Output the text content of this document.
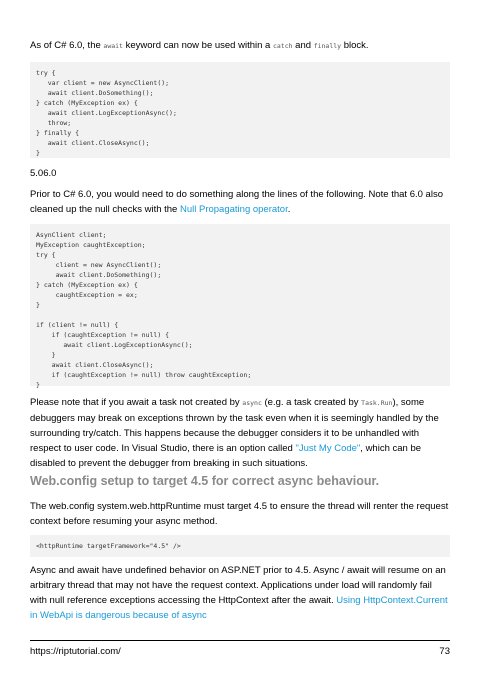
As of C# 6.0, the await keyword can now be used within a catch and finally block.

try {
var client = new AsyncClient();
await client.DoSomething();
} catch (MyException ex) {
await client.LogExceptionAsync();
throw;
} finally {
await client.CloseAsync();
}

5.06.0

Prior to C# 6.0, you would need to do something along the lines of the following. Note that 6.0 also cleaned up the null checks with the Null Propagating operator.

AsynClient client;
MyException caughtException;
try {
client = new AsyncClient();
await client.DoSomething();
} catch (MyException ex) {
caughtException = ex;
}

if (client != null) {
if (caughtException != null) {
await client.LogExceptionAsync();
}
await client.CloseAsync();
if (caughtException != null) throw caughtException;
}

Please note that if you await a task not created by async (e.g. a task created by Task.Run), some debuggers may break on exceptions thrown by the task even when it is seemingly handled by the surrounding try/catch. This happens because the debugger considers it to be unhandled with respect to user code. In Visual Studio, there is an option called "Just My Code", which can be disabled to prevent the debugger from breaking in such situations.

Web.config setup to target 4.5 for correct async behaviour.

The web.config system.web.httpRuntime must target 4.5 to ensure the thread will renter the request context before resuming your async method.

<httpRuntime targetFramework="4.5" />

Async and await have undefined behavior on ASP.NET prior to 4.5. Async / await will resume on an arbitrary thread that may not have the request context. Applications under load will randomly fail with null reference exceptions accessing the HttpContext after the await. Using HttpContext.Current in WebApi is dangerous because of async

https://riptutorial.com/	73
